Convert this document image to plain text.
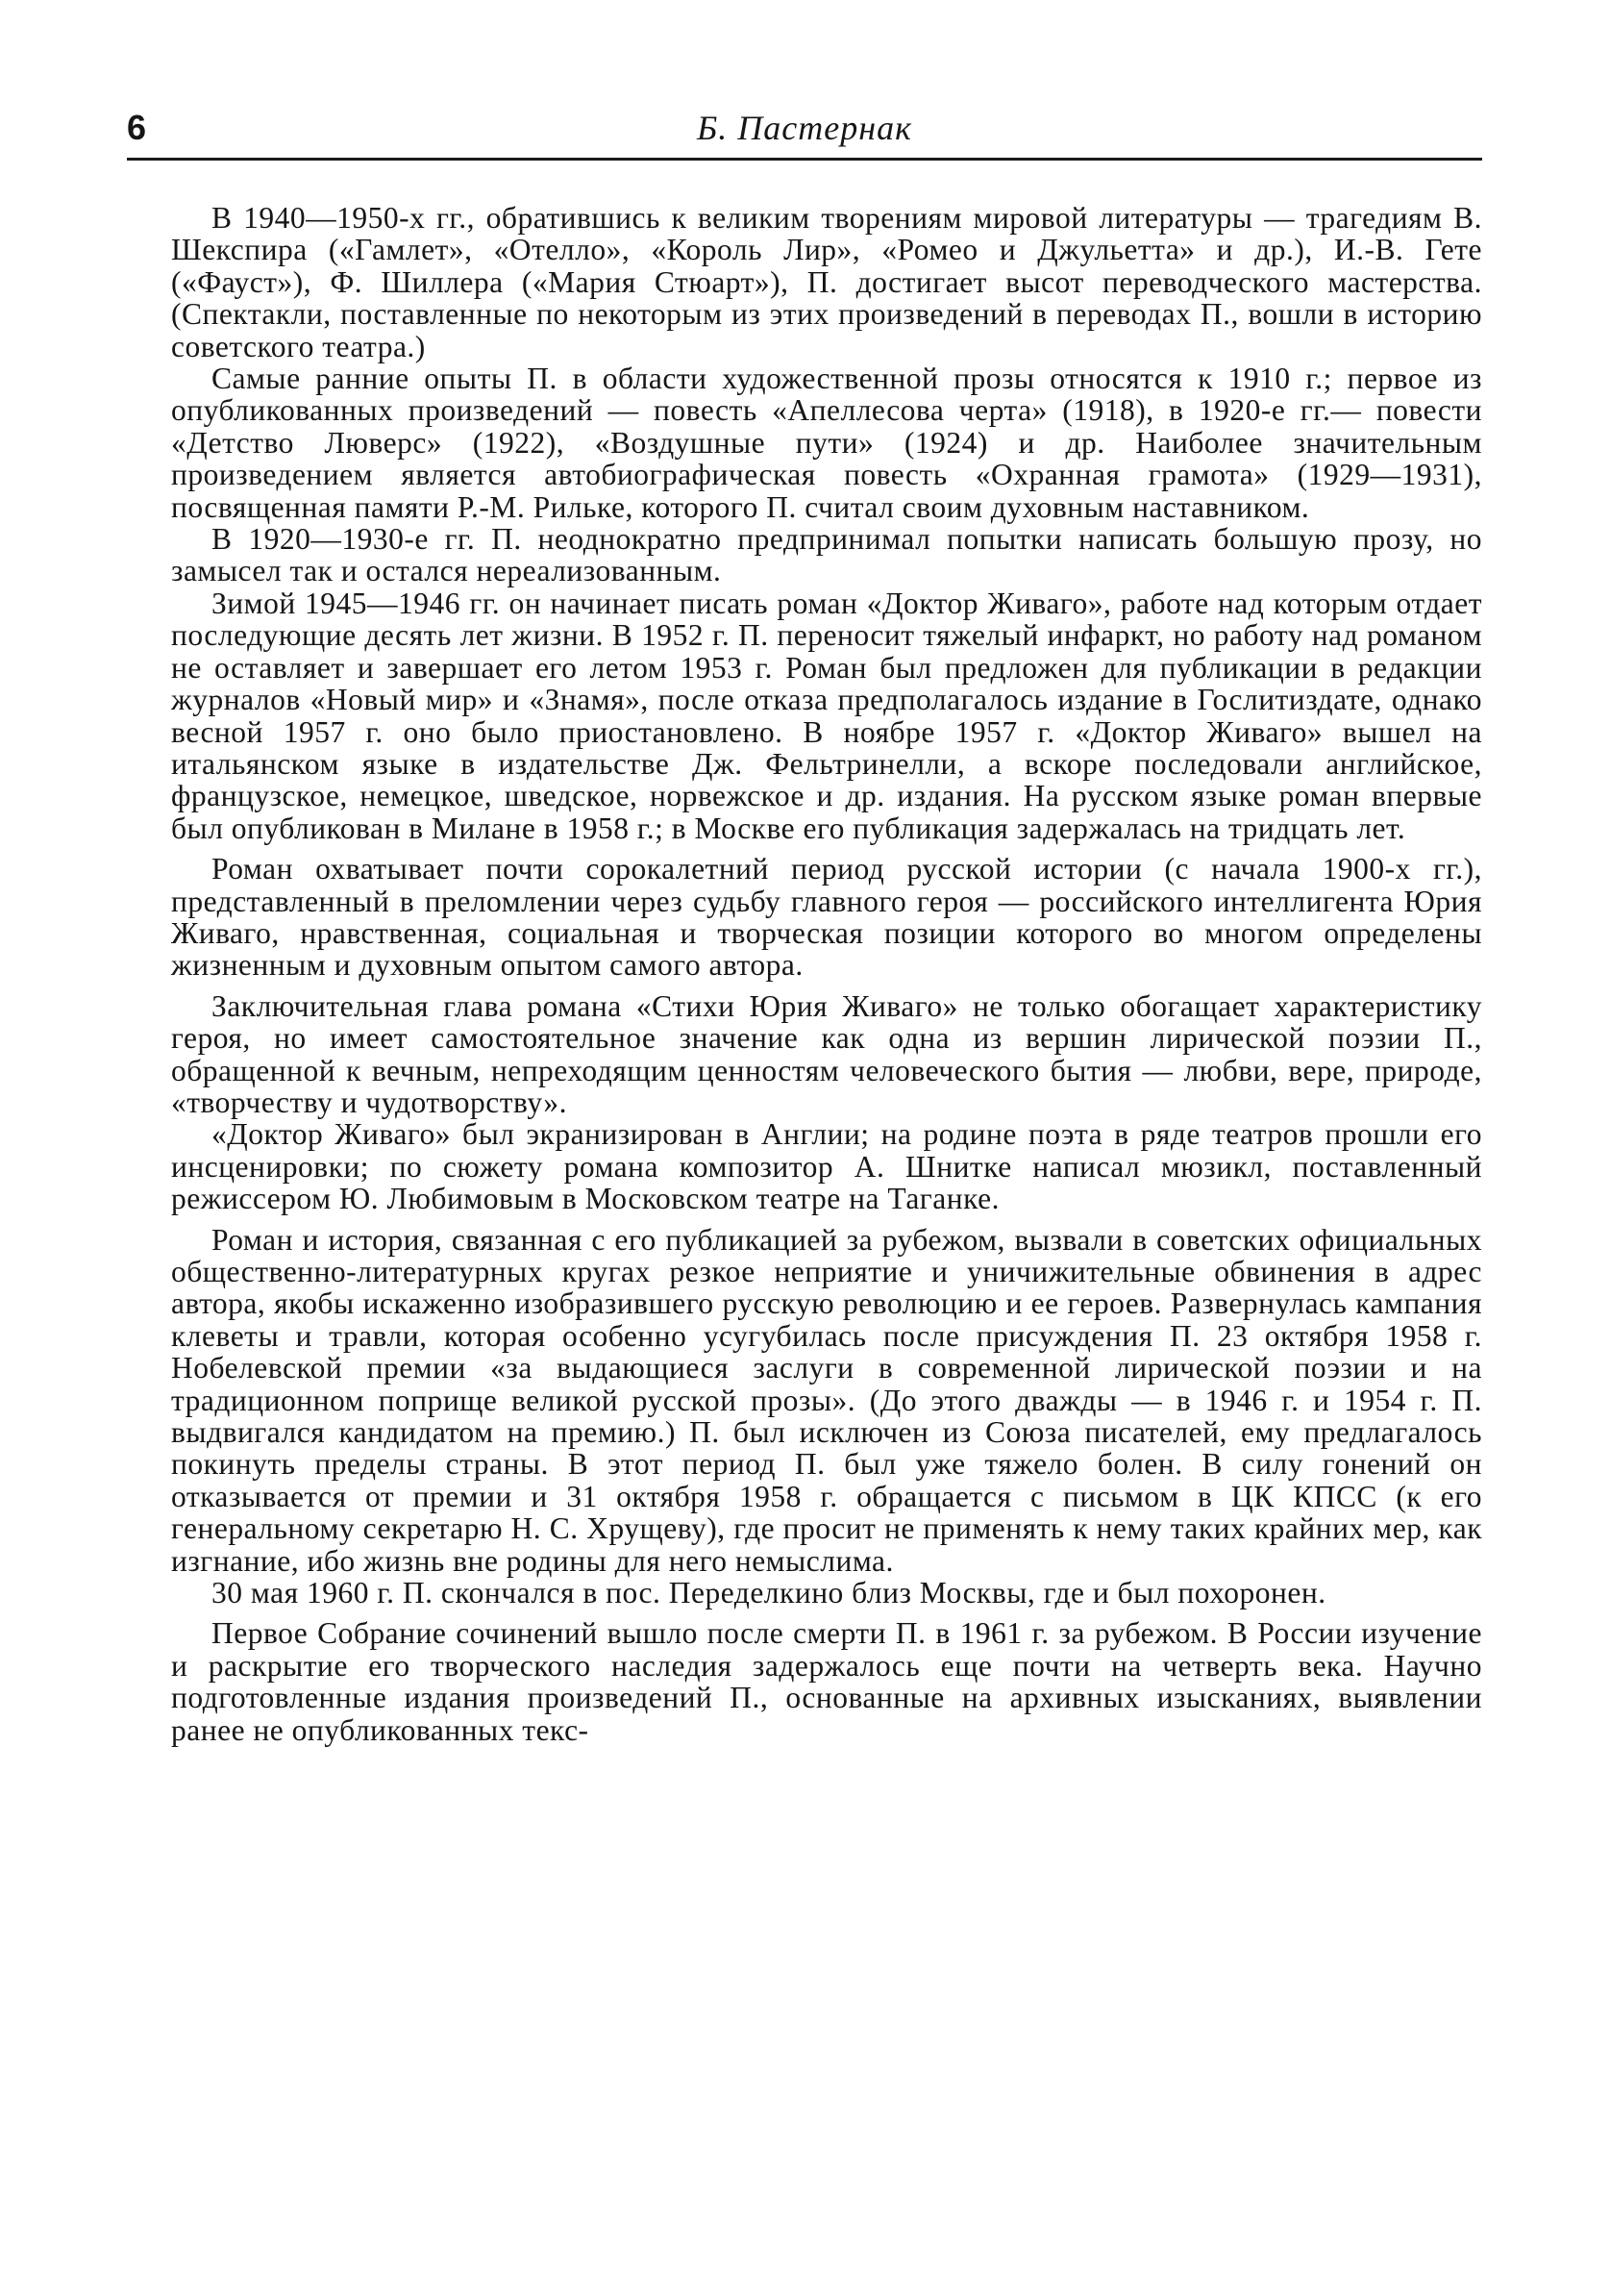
6	Б. Пастернак

В 1940—1950-х гг., обратившись к великим творениям мировой литературы — трагедиям В. Шекспира («Гамлет», «Отелло», «Король Лир», «Ромео и Джульетта» и др.), И.-В. Гете («Фауст»), Ф. Шиллера («Мария Стюарт»), П. достигает высот переводческого мастерства. (Спектакли, поставленные по некоторым из этих произведений в переводах П., вошли в историю советского театра.)

Самые ранние опыты П. в области художественной прозы относятся к 1910 г.; первое из опубликованных произведений — повесть «Апеллесова черта» (1918), в 1920-е гг.— повести «Детство Люверс» (1922), «Воздушные пути» (1924) и др. Наиболее значительным произведением является автобиографическая повесть «Охранная грамота» (1929—1931), посвященная памяти Р.-М. Рильке, которого П. считал своим духовным наставником.

В 1920—1930-е гг. П. неоднократно предпринимал попытки написать большую прозу, но замысел так и остался нереализованным.

Зимой 1945—1946 гг. он начинает писать роман «Доктор Живаго», работе над которым отдает последующие десять лет жизни. В 1952 г. П. переносит тяжелый инфаркт, но работу над романом не оставляет и завершает его летом 1953 г. Роман был предложен для публикации в редакции журналов «Новый мир» и «Знамя», после отказа предполагалось издание в Гослитиздате, однако весной 1957 г. оно было приостановлено. В ноябре 1957 г. «Доктор Живаго» вышел на итальянском языке в издательстве Дж. Фельтринелли, а вскоре последовали английское, французское, немецкое, шведское, норвежское и др. издания. На русском языке роман впервые был опубликован в Милане в 1958 г.; в Москве его публикация задержалась на тридцать лет.

Роман охватывает почти сорокалетний период русской истории (с начала 1900-х гг.), представленный в преломлении через судьбу главного героя — российского интеллигента Юрия Живаго, нравственная, социальная и творческая позиции которого во многом определены жизненным и духовным опытом самого автора.

Заключительная глава романа «Стихи Юрия Живаго» не только обогащает характеристику героя, но имеет самостоятельное значение как одна из вершин лирической поэзии П., обращенной к вечным, непреходящим ценностям человеческого бытия — любви, вере, природе, «творчеству и чудотворству».

«Доктор Живаго» был экранизирован в Англии; на родине поэта в ряде театров прошли его инсценировки; по сюжету романа композитор А. Шнитке написал мюзикл, поставленный режиссером Ю. Любимовым в Московском театре на Таганке.

Роман и история, связанная с его публикацией за рубежом, вызвали в советских официальных общественно-литературных кругах резкое неприятие и уничижительные обвинения в адрес автора, якобы искаженно изобразившего русскую революцию и ее героев. Развернулась кампания клеветы и травли, которая особенно усугубилась после присуждения П. 23 октября 1958 г. Нобелевской премии «за выдающиеся заслуги в современной лирической поэзии и на традиционном поприще великой русской прозы». (До этого дважды — в 1946 г. и 1954 г. П. выдвигался кандидатом на премию.) П. был исключен из Союза писателей, ему предлагалось покинуть пределы страны. В этот период П. был уже тяжело болен. В силу гонений он отказывается от премии и 31 октября 1958 г. обращается с письмом в ЦК КПСС (к его генеральному секретарю Н. С. Хрущеву), где просит не применять к нему таких крайних мер, как изгнание, ибо жизнь вне родины для него немыслима.

30 мая 1960 г. П. скончался в пос. Переделкино близ Москвы, где и был похоронен.

Первое Собрание сочинений вышло после смерти П. в 1961 г. за рубежом. В России изучение и раскрытие его творческого наследия задержалось еще почти на четверть века. Научно подготовленные издания произведений П., основанные на архивных изысканиях, выявлении ранее не опубликованных текс-
